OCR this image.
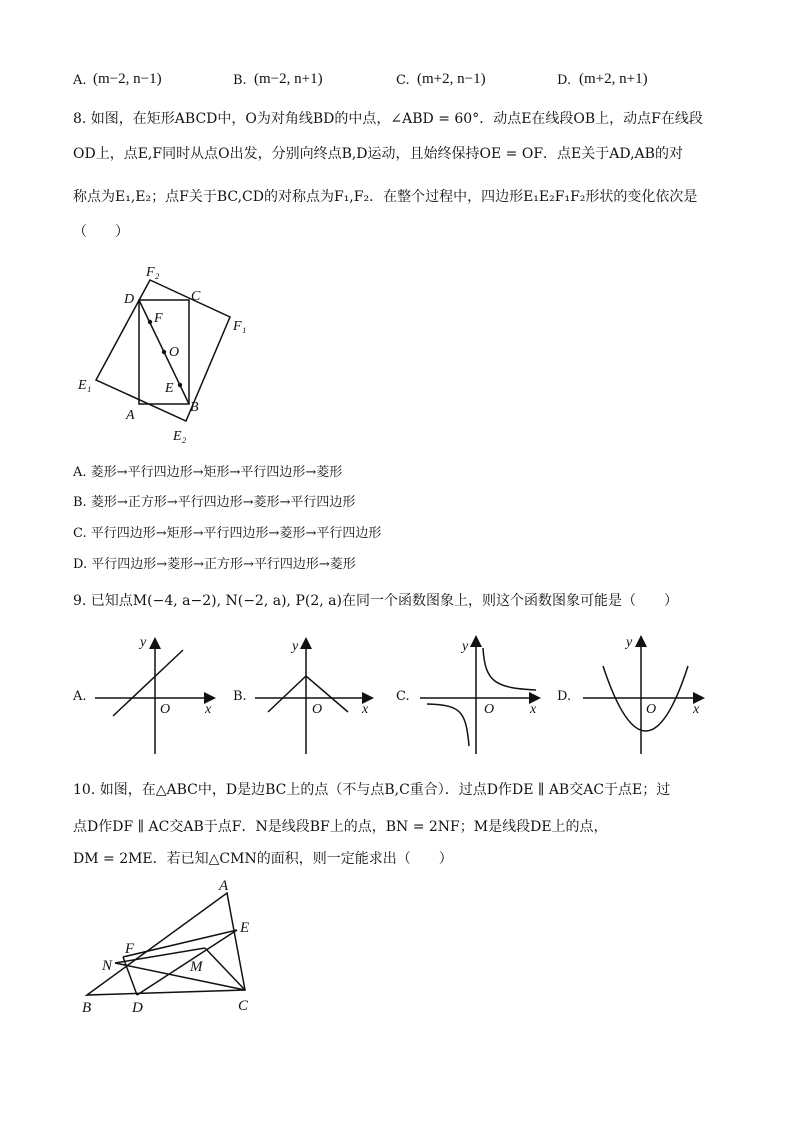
A. (m−2, n−1)	B. (m−2, n+1)	C. (m+2, n−1)	D. (m+2, n+1)
8. 如图，在矩形ABCD中，O为对角线BD的中点，∠ABD = 60°．动点E在线段OB上，动点F在线段
OD上，点E,F同时从点O出发，分别向终点B,D运动，且始终保持OE = OF．点E关于AD,AB的对
称点为E₁,E₂；点F关于BC,CD的对称点为F₁,F₂．在整个过程中，四边形E₁E₂F₁F₂形状的变化依次是
（　　）
F₂
D	C
F₁
F
O
E
E₁
A
B
E₂
A. 菱形→平行四边形→矩形→平行四边形→菱形
B. 菱形→正方形→平行四边形→菱形→平行四边形
C. 平行四边形→矩形→平行四边形→菱形→平行四边形
D. 平行四边形→菱形→正方形→平行四边形→菱形
9. 已知点M(−4, a−2), N(−2, a), P(2, a)在同一个函数图象上，则这个函数图象可能是（　　）
A.	B.	C.	D.
y
x
O
y
x
O
y
x
O
y
x
O
10. 如图，在△ABC中，D是边BC上的点（不与点B,C重合）．过点D作DE ∥ AB交AC于点E；过
点D作DF ∥ AC交AB于点F．N是线段BF上的点，BN = 2NF；M是线段DE上的点，
DM = 2ME．若已知△CMN的面积，则一定能求出（　　）
A
E
F
N	M
B	D	C
